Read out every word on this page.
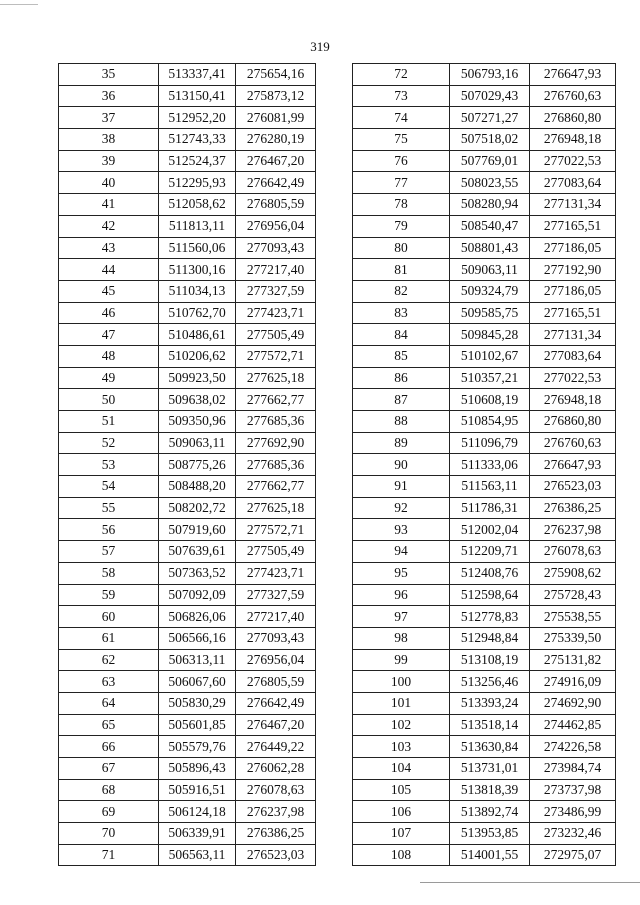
319
35	513337,41	275654,16
36	513150,41	275873,12
37	512952,20	276081,99
38	512743,33	276280,19
39	512524,37	276467,20
40	512295,93	276642,49
41	512058,62	276805,59
42	511813,11	276956,04
43	511560,06	277093,43
44	511300,16	277217,40
45	511034,13	277327,59
46	510762,70	277423,71
47	510486,61	277505,49
48	510206,62	277572,71
49	509923,50	277625,18
50	509638,02	277662,77
51	509350,96	277685,36
52	509063,11	277692,90
53	508775,26	277685,36
54	508488,20	277662,77
55	508202,72	277625,18
56	507919,60	277572,71
57	507639,61	277505,49
58	507363,52	277423,71
59	507092,09	277327,59
60	506826,06	277217,40
61	506566,16	277093,43
62	506313,11	276956,04
63	506067,60	276805,59
64	505830,29	276642,49
65	505601,85	276467,20
66	505579,76	276449,22
67	505896,43	276062,28
68	505916,51	276078,63
69	506124,18	276237,98
70	506339,91	276386,25
71	506563,11	276523,03
72	506793,16	276647,93
73	507029,43	276760,63
74	507271,27	276860,80
75	507518,02	276948,18
76	507769,01	277022,53
77	508023,55	277083,64
78	508280,94	277131,34
79	508540,47	277165,51
80	508801,43	277186,05
81	509063,11	277192,90
82	509324,79	277186,05
83	509585,75	277165,51
84	509845,28	277131,34
85	510102,67	277083,64
86	510357,21	277022,53
87	510608,19	276948,18
88	510854,95	276860,80
89	511096,79	276760,63
90	511333,06	276647,93
91	511563,11	276523,03
92	511786,31	276386,25
93	512002,04	276237,98
94	512209,71	276078,63
95	512408,76	275908,62
96	512598,64	275728,43
97	512778,83	275538,55
98	512948,84	275339,50
99	513108,19	275131,82
100	513256,46	274916,09
101	513393,24	274692,90
102	513518,14	274462,85
103	513630,84	274226,58
104	513731,01	273984,74
105	513818,39	273737,98
106	513892,74	273486,99
107	513953,85	273232,46
108	514001,55	272975,07
